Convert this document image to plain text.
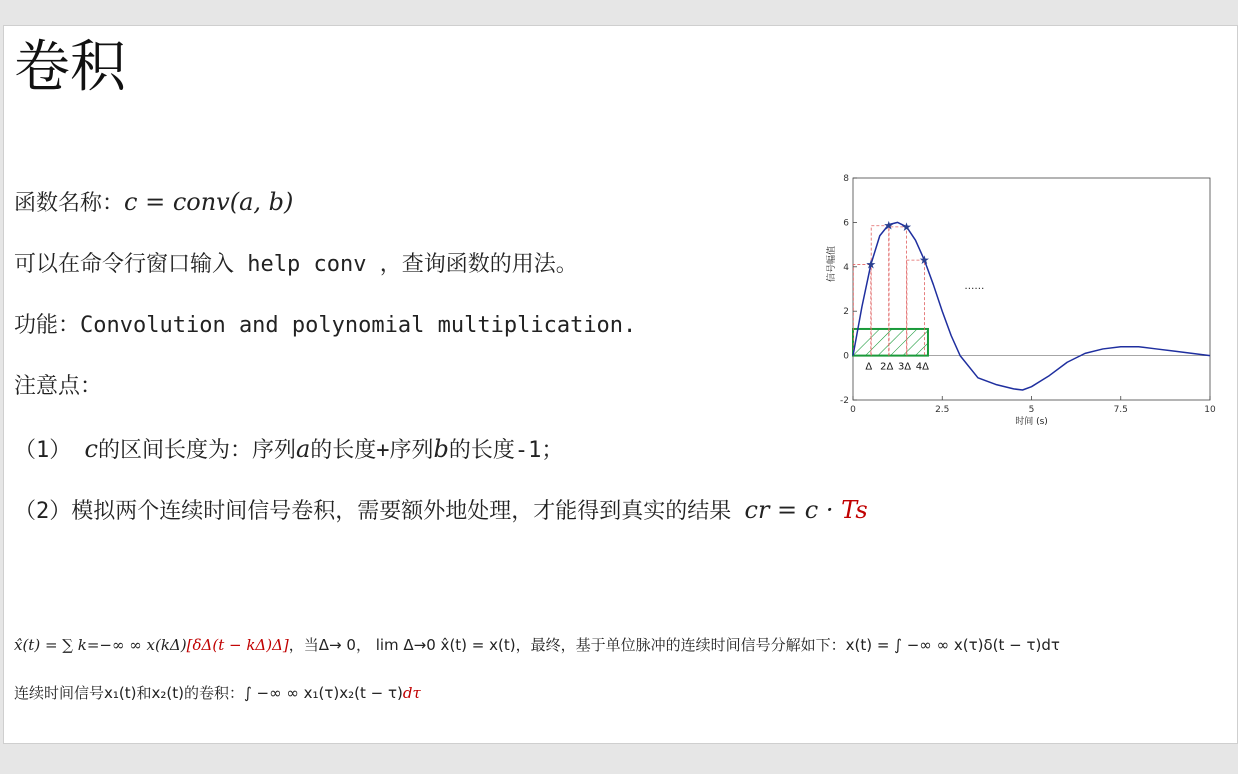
卷积
函数名称：c = conv(a, b)
可以在命令行窗口输入 help conv ，查询函数的用法。
功能：Convolution and polynomial multiplication.
注意点：
（1） c的区间长度为：序列a的长度+序列b的长度-1；
（2）模拟两个连续时间信号卷积，需要额外地处理，才能得到真实的结果 cr = c · Ts
x̂(t) = ∑ k=−∞ ∞ x(kΔ)[δΔ(t − kΔ)Δ]，当Δ→ 0， lim Δ→0 x̂(t) = x(t)，最终，基于单位脉冲的连续时间信号分解如下：x(t) = ∫ −∞ ∞ x(τ)δ(t − τ)dτ
连续时间信号x₁(t)和x₂(t)的卷积：∫ −∞ ∞ x₁(τ)x₂(t − τ)dτ
0	2.5	5	7.5	10
-2
0
2
4
6
8
时间 (s)
信号幅值 ★
★ ★
★
Δ 2Δ 3Δ 4Δ
……
